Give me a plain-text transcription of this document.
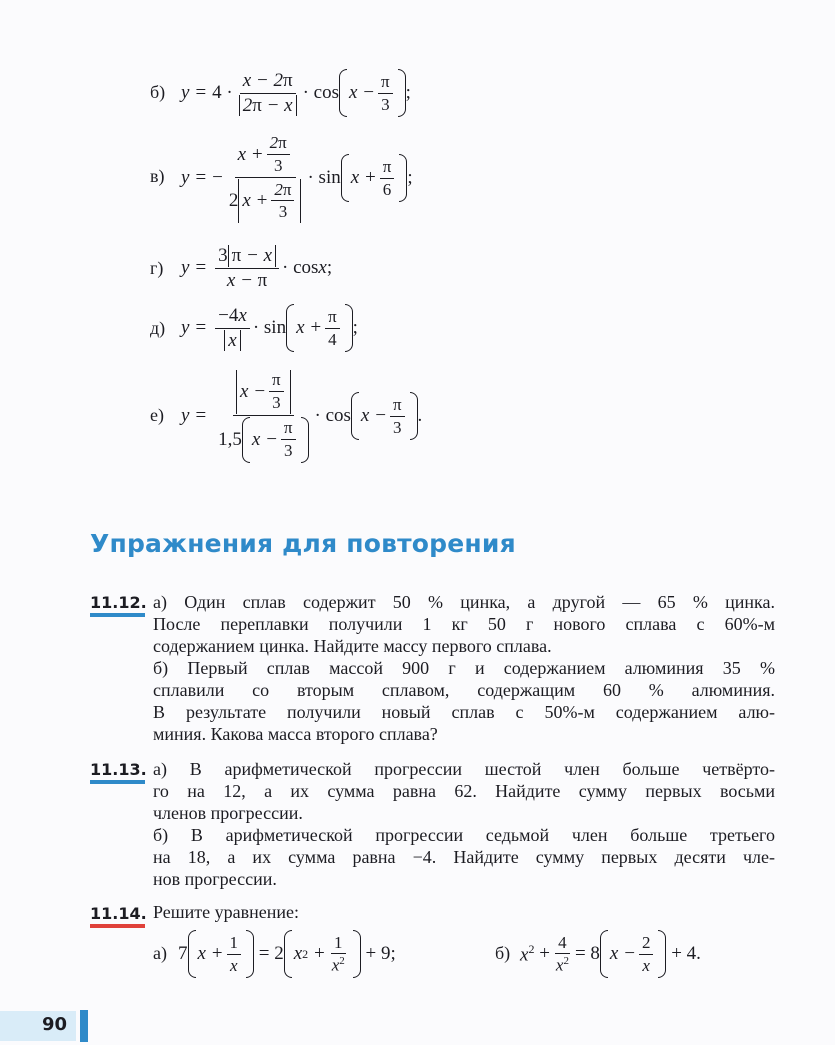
б) $y = 4 \cdot \frac{x - 2\pi}{2 \pi - x} \cdot \cos x - \frac{\pi}{3}$ ;
в) y = − $\frac{x + \frac{2\pi}{3}}{2 x + \frac{2\pi}{3}} \cdot \sin x + \frac{\pi}{6}$ ;
г) $y = \frac{3 \pi - x}{x - \pi} \cdot \cos x$ ;
д) $y = \frac{-4x}{x} \cdot \sin x + \frac{\pi}{4}$ ;
е) $y = \frac{x - \frac{\pi}{3}}{1,5 x - \frac{\pi}{3}} \cdot \cos x - \frac{\pi}{3}$ .
Упражнения для повторения
11.12. а) Один сплав содержит 50 % цинка, а другой — 65 % цинка.
После переплавки получили 1 кг 50 г нового сплава с 60%-м
содержанием цинка. Найдите массу первого сплава.
б) Первый сплав массой 900 г и содержанием алюминия 35 %
сплавили со вторым сплавом, содержащим 60 % алюминия.
В результате получили новый сплав с 50%-м содержанием алю-
миния. Какова масса второго сплава?
11.13. а) В арифметической прогрессии шестой член больше четвёрто-
го на 12, а их сумма равна 62. Найдите сумму первых восьми
членов прогрессии.
б) В арифметической прогрессии седьмой член больше третьего
на 18, а их сумма равна −4. Найдите сумму первых десяти чле-
нов прогрессии.
11.14. Решите уравнение:
а) 7 $x + \frac{1}{x} = 2$ x $2 + \frac{1}{x^2} + 9$;	б) $x^2 + \frac{4}{x^2} = 8$ $x - \frac{2}{x} + 4$.
90
